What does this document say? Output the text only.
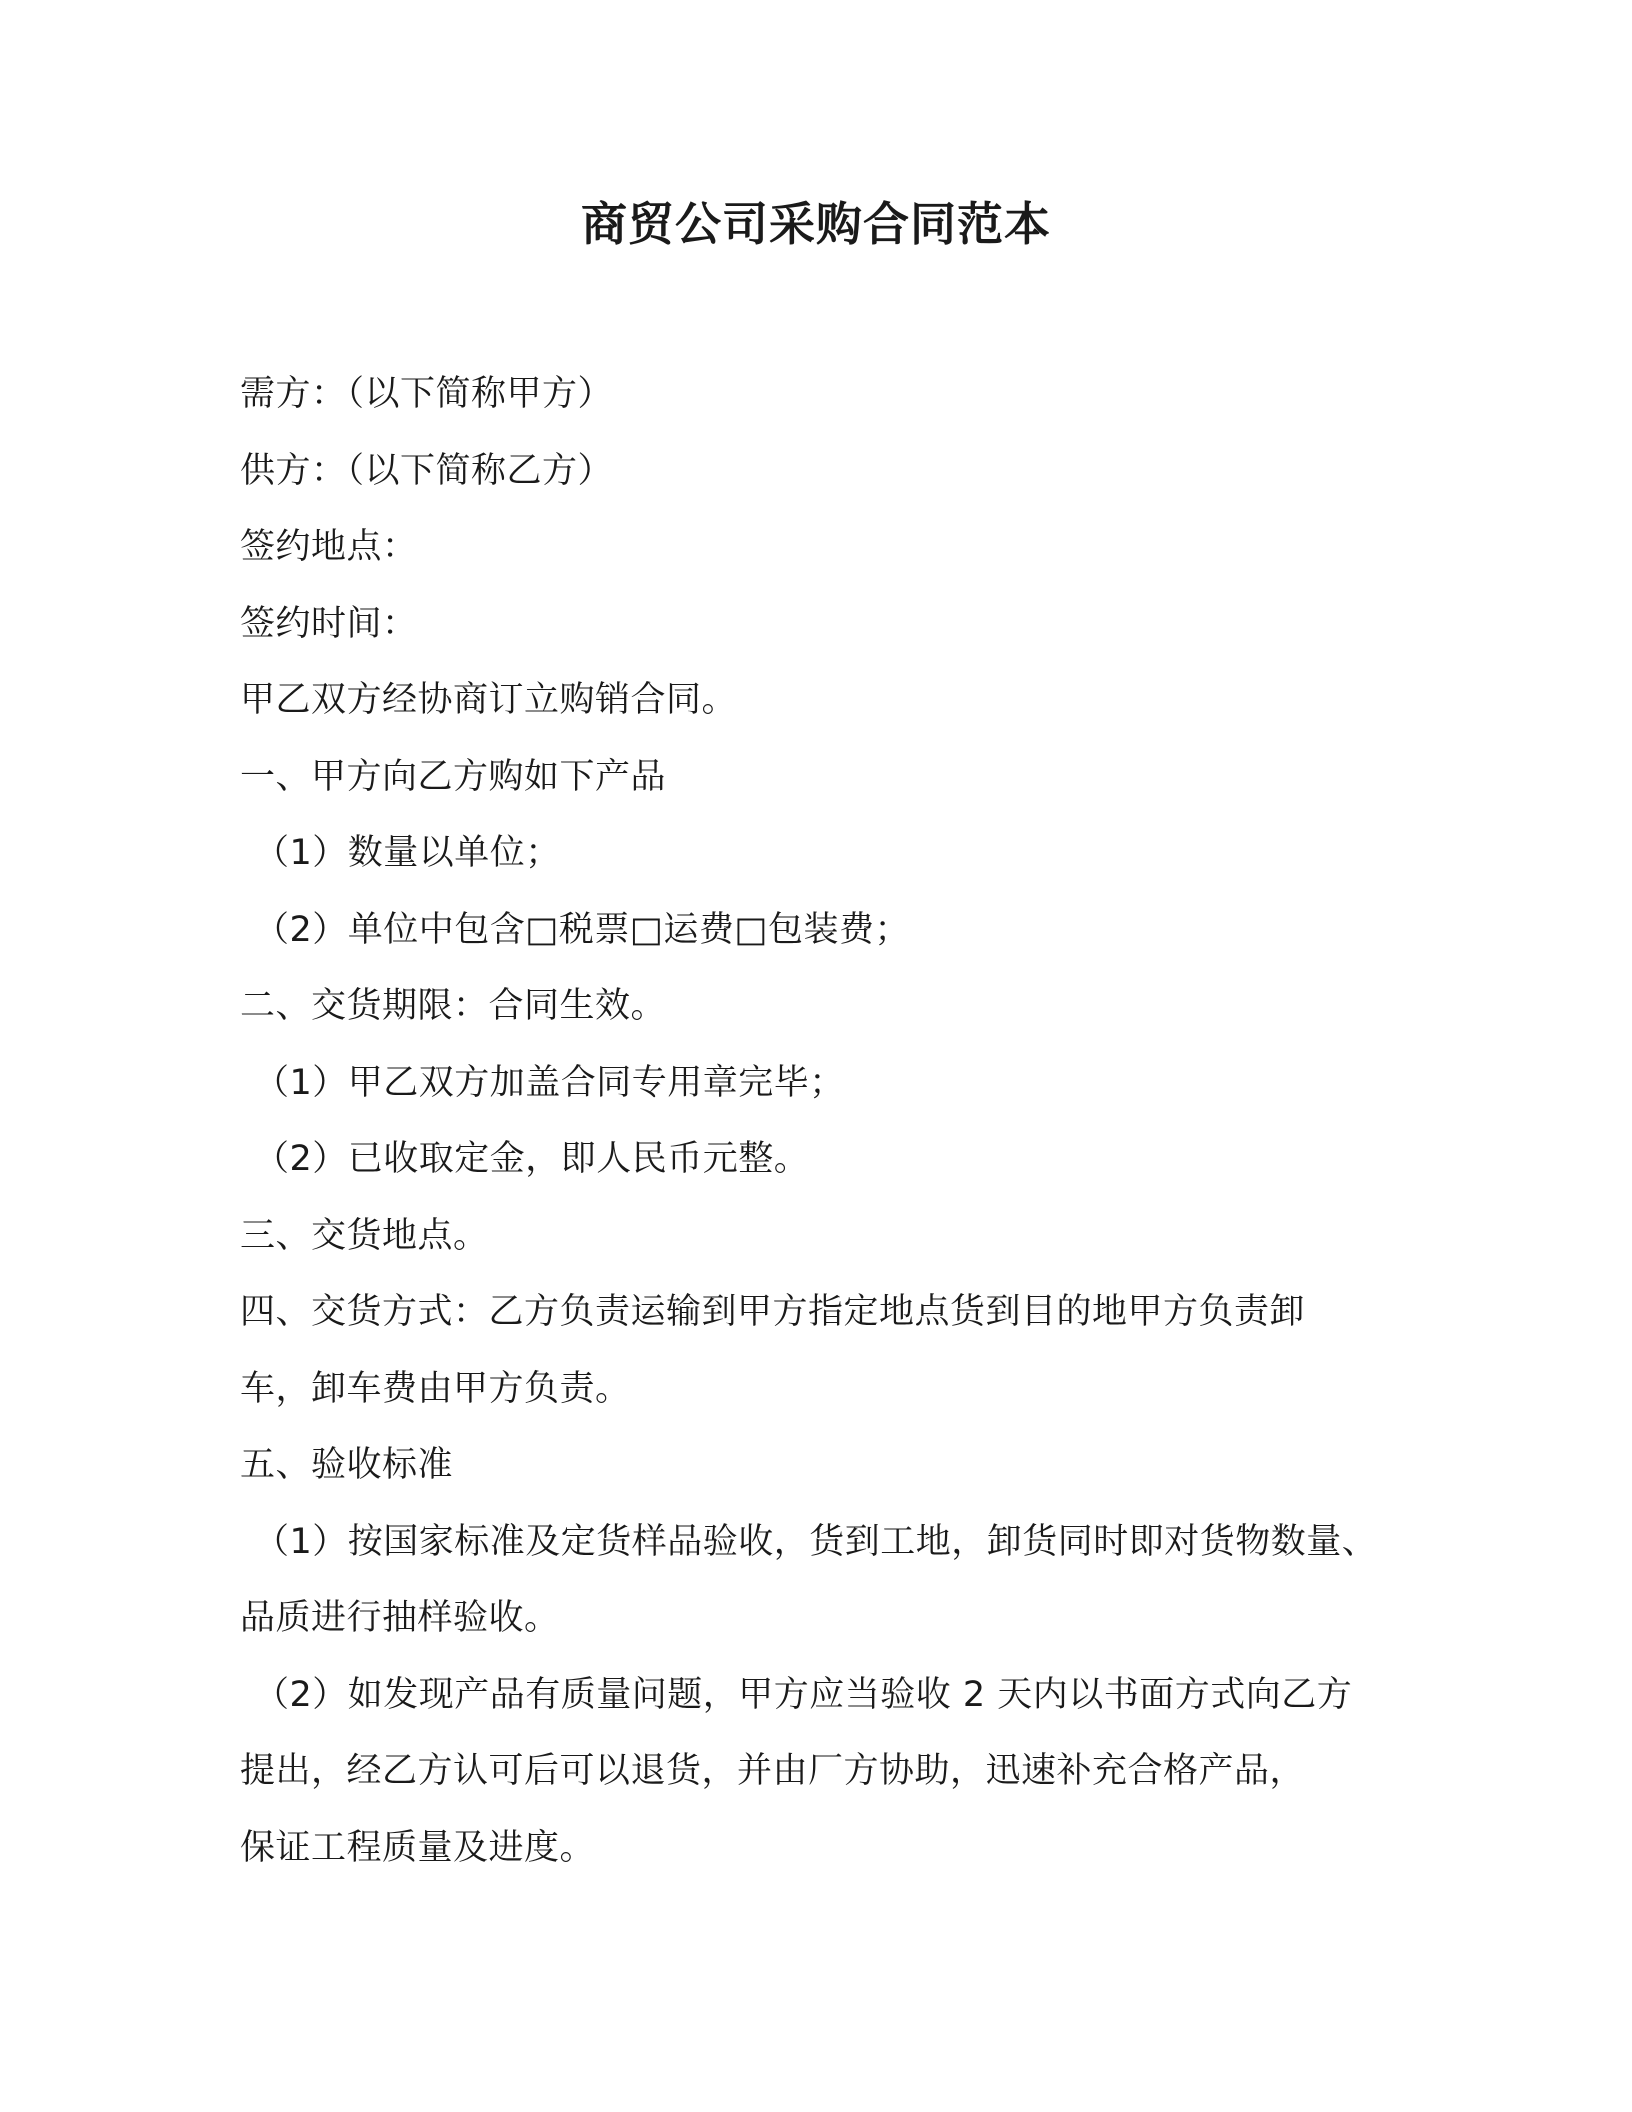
商贸公司采购合同范本
需方：（以下简称甲方）
供方：（以下简称乙方）
签约地点：
签约时间：
甲乙双方经协商订立购销合同。
一、甲方向乙方购如下产品
（1）数量以单位；
（2）单位中包含□税票□运费□包装费；
二、交货期限：合同生效。
（1）甲乙双方加盖合同专用章完毕；
（2）已收取定金，即人民币元整。
三、交货地点。
四、交货方式：乙方负责运输到甲方指定地点货到目的地甲方负责卸
车，卸车费由甲方负责。
五、验收标准
（1）按国家标准及定货样品验收，货到工地，卸货同时即对货物数量、
品质进行抽样验收。
（2）如发现产品有质量问题，甲方应当验收 2 天内以书面方式向乙方
提出，经乙方认可后可以退货，并由厂方协助，迅速补充合格产品，
保证工程质量及进度。
